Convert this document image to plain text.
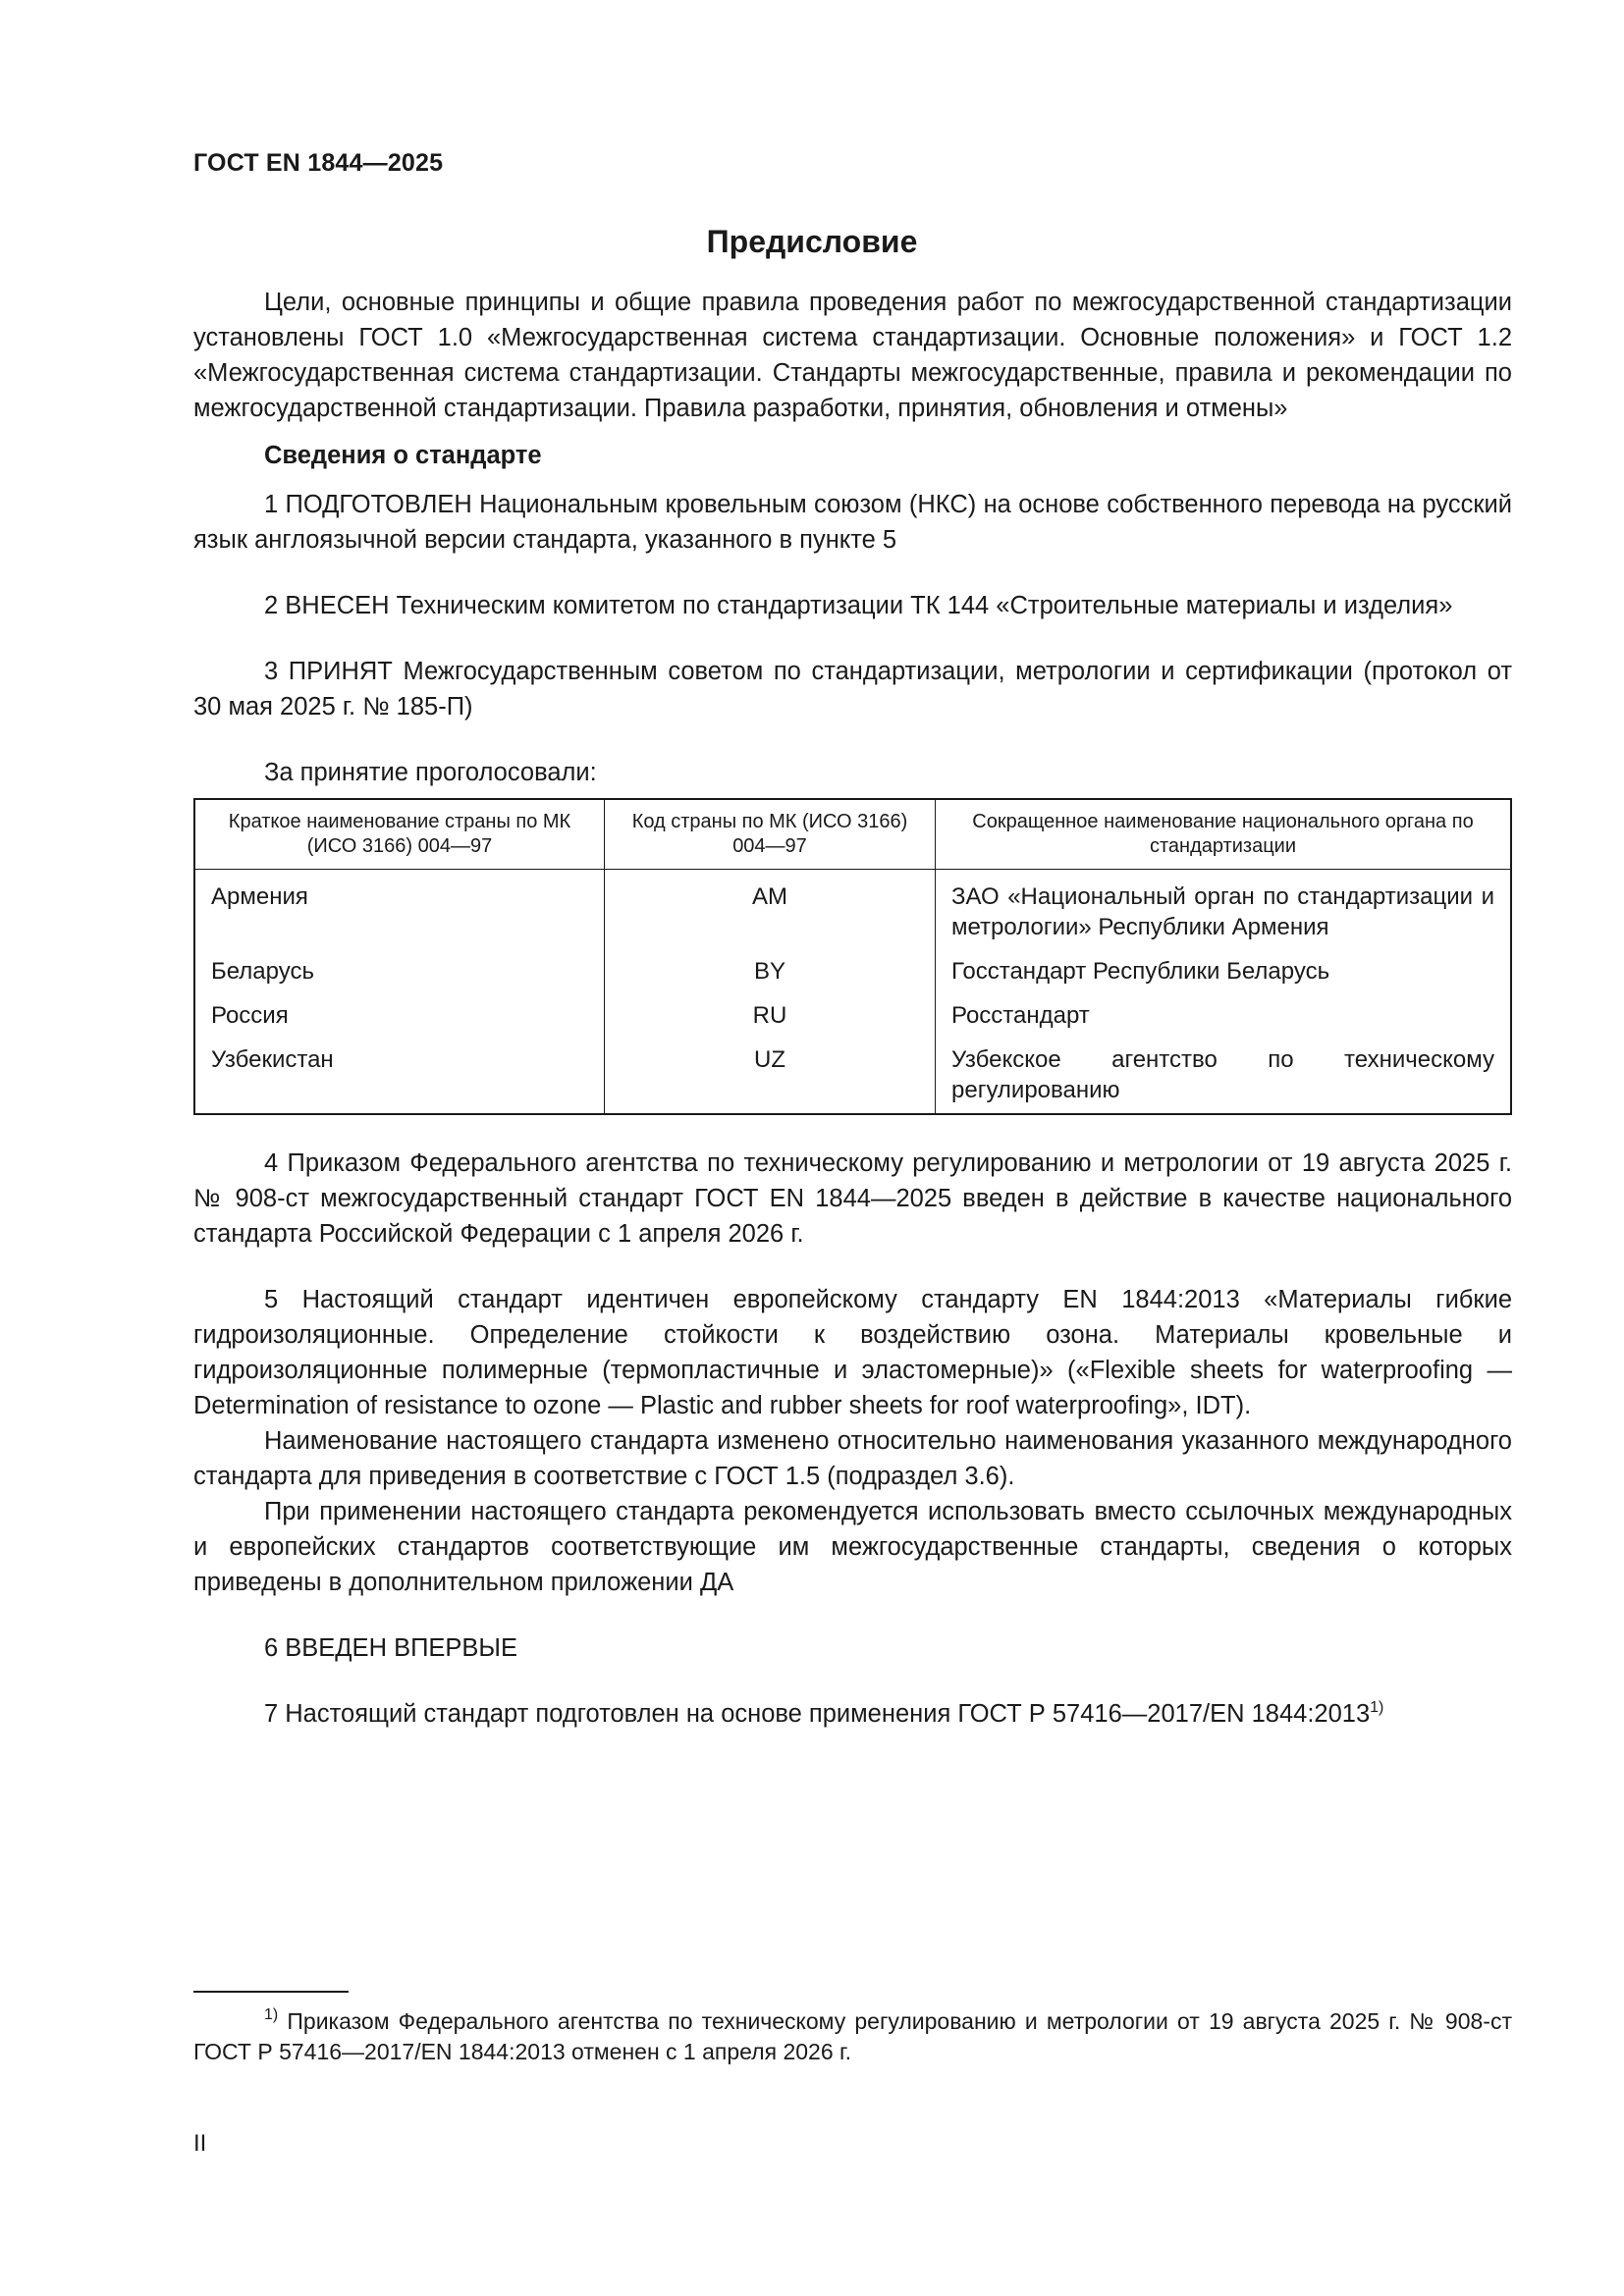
ГОСТ EN 1844—2025
Предисловие

Цели, основные принципы и общие правила проведения работ по межгосударственной стандартизации установлены ГОСТ 1.0 «Межгосударственная система стандартизации. Основные положения» и ГОСТ 1.2 «Межгосударственная система стандартизации. Стандарты межгосударственные, правила и рекомендации по межгосударственной стандартизации. Правила разработки, принятия, обновления и отмены»

Сведения о стандарте

1 ПОДГОТОВЛЕН Национальным кровельным союзом (НКС) на основе собственного перевода на русский язык англоязычной версии стандарта, указанного в пункте 5

2 ВНЕСЕН Техническим комитетом по стандартизации ТК 144 «Строительные материалы и изделия»

3 ПРИНЯТ Межгосударственным советом по стандартизации, метрологии и сертификации (протокол от 30 мая 2025 г. № 185-П)

За принятие проголосовали:

Краткое наименование страны по МК (ИСО 3166) 004—97	Код страны по МК (ИСО 3166) 004—97	Сокращенное наименование национального органа по стандартизации
Армения	AM	ЗАО «Национальный орган по стандартизации и метрологии» Республики Армения
Беларусь	BY	Госстандарт Республики Беларусь
Россия	RU	Росстандарт
Узбекистан	UZ	Узбекское агентство по техническому регулированию

4 Приказом Федерального агентства по техническому регулированию и метрологии от 19 августа 2025 г. № 908-ст межгосударственный стандарт ГОСТ EN 1844—2025 введен в действие в качестве национального стандарта Российской Федерации с 1 апреля 2026 г.

5 Настоящий стандарт идентичен европейскому стандарту EN 1844:2013 «Материалы гибкие гидроизоляционные. Определение стойкости к воздействию озона. Материалы кровельные и гидроизоляционные полимерные (термопластичные и эластомерные)» («Flexible sheets for waterproofing — Determination of resistance to ozone — Plastic and rubber sheets for roof waterproofing», IDT).

Наименование настоящего стандарта изменено относительно наименования указанного международного стандарта для приведения в соответствие с ГОСТ 1.5 (подраздел 3.6).

При применении настоящего стандарта рекомендуется использовать вместо ссылочных международных и европейских стандартов соответствующие им межгосударственные стандарты, сведения о которых приведены в дополнительном приложении ДА

6 ВВЕДЕН ВПЕРВЫЕ

7 Настоящий стандарт подготовлен на основе применения ГОСТ Р 57416—2017/EN 1844:2013$^{1)}$

$^{1)}$ Приказом Федерального агентства по техническому регулированию и метрологии от 19 августа 2025 г. № 908-ст ГОСТ Р 57416—2017/EN 1844:2013 отменен с 1 апреля 2026 г.

II
